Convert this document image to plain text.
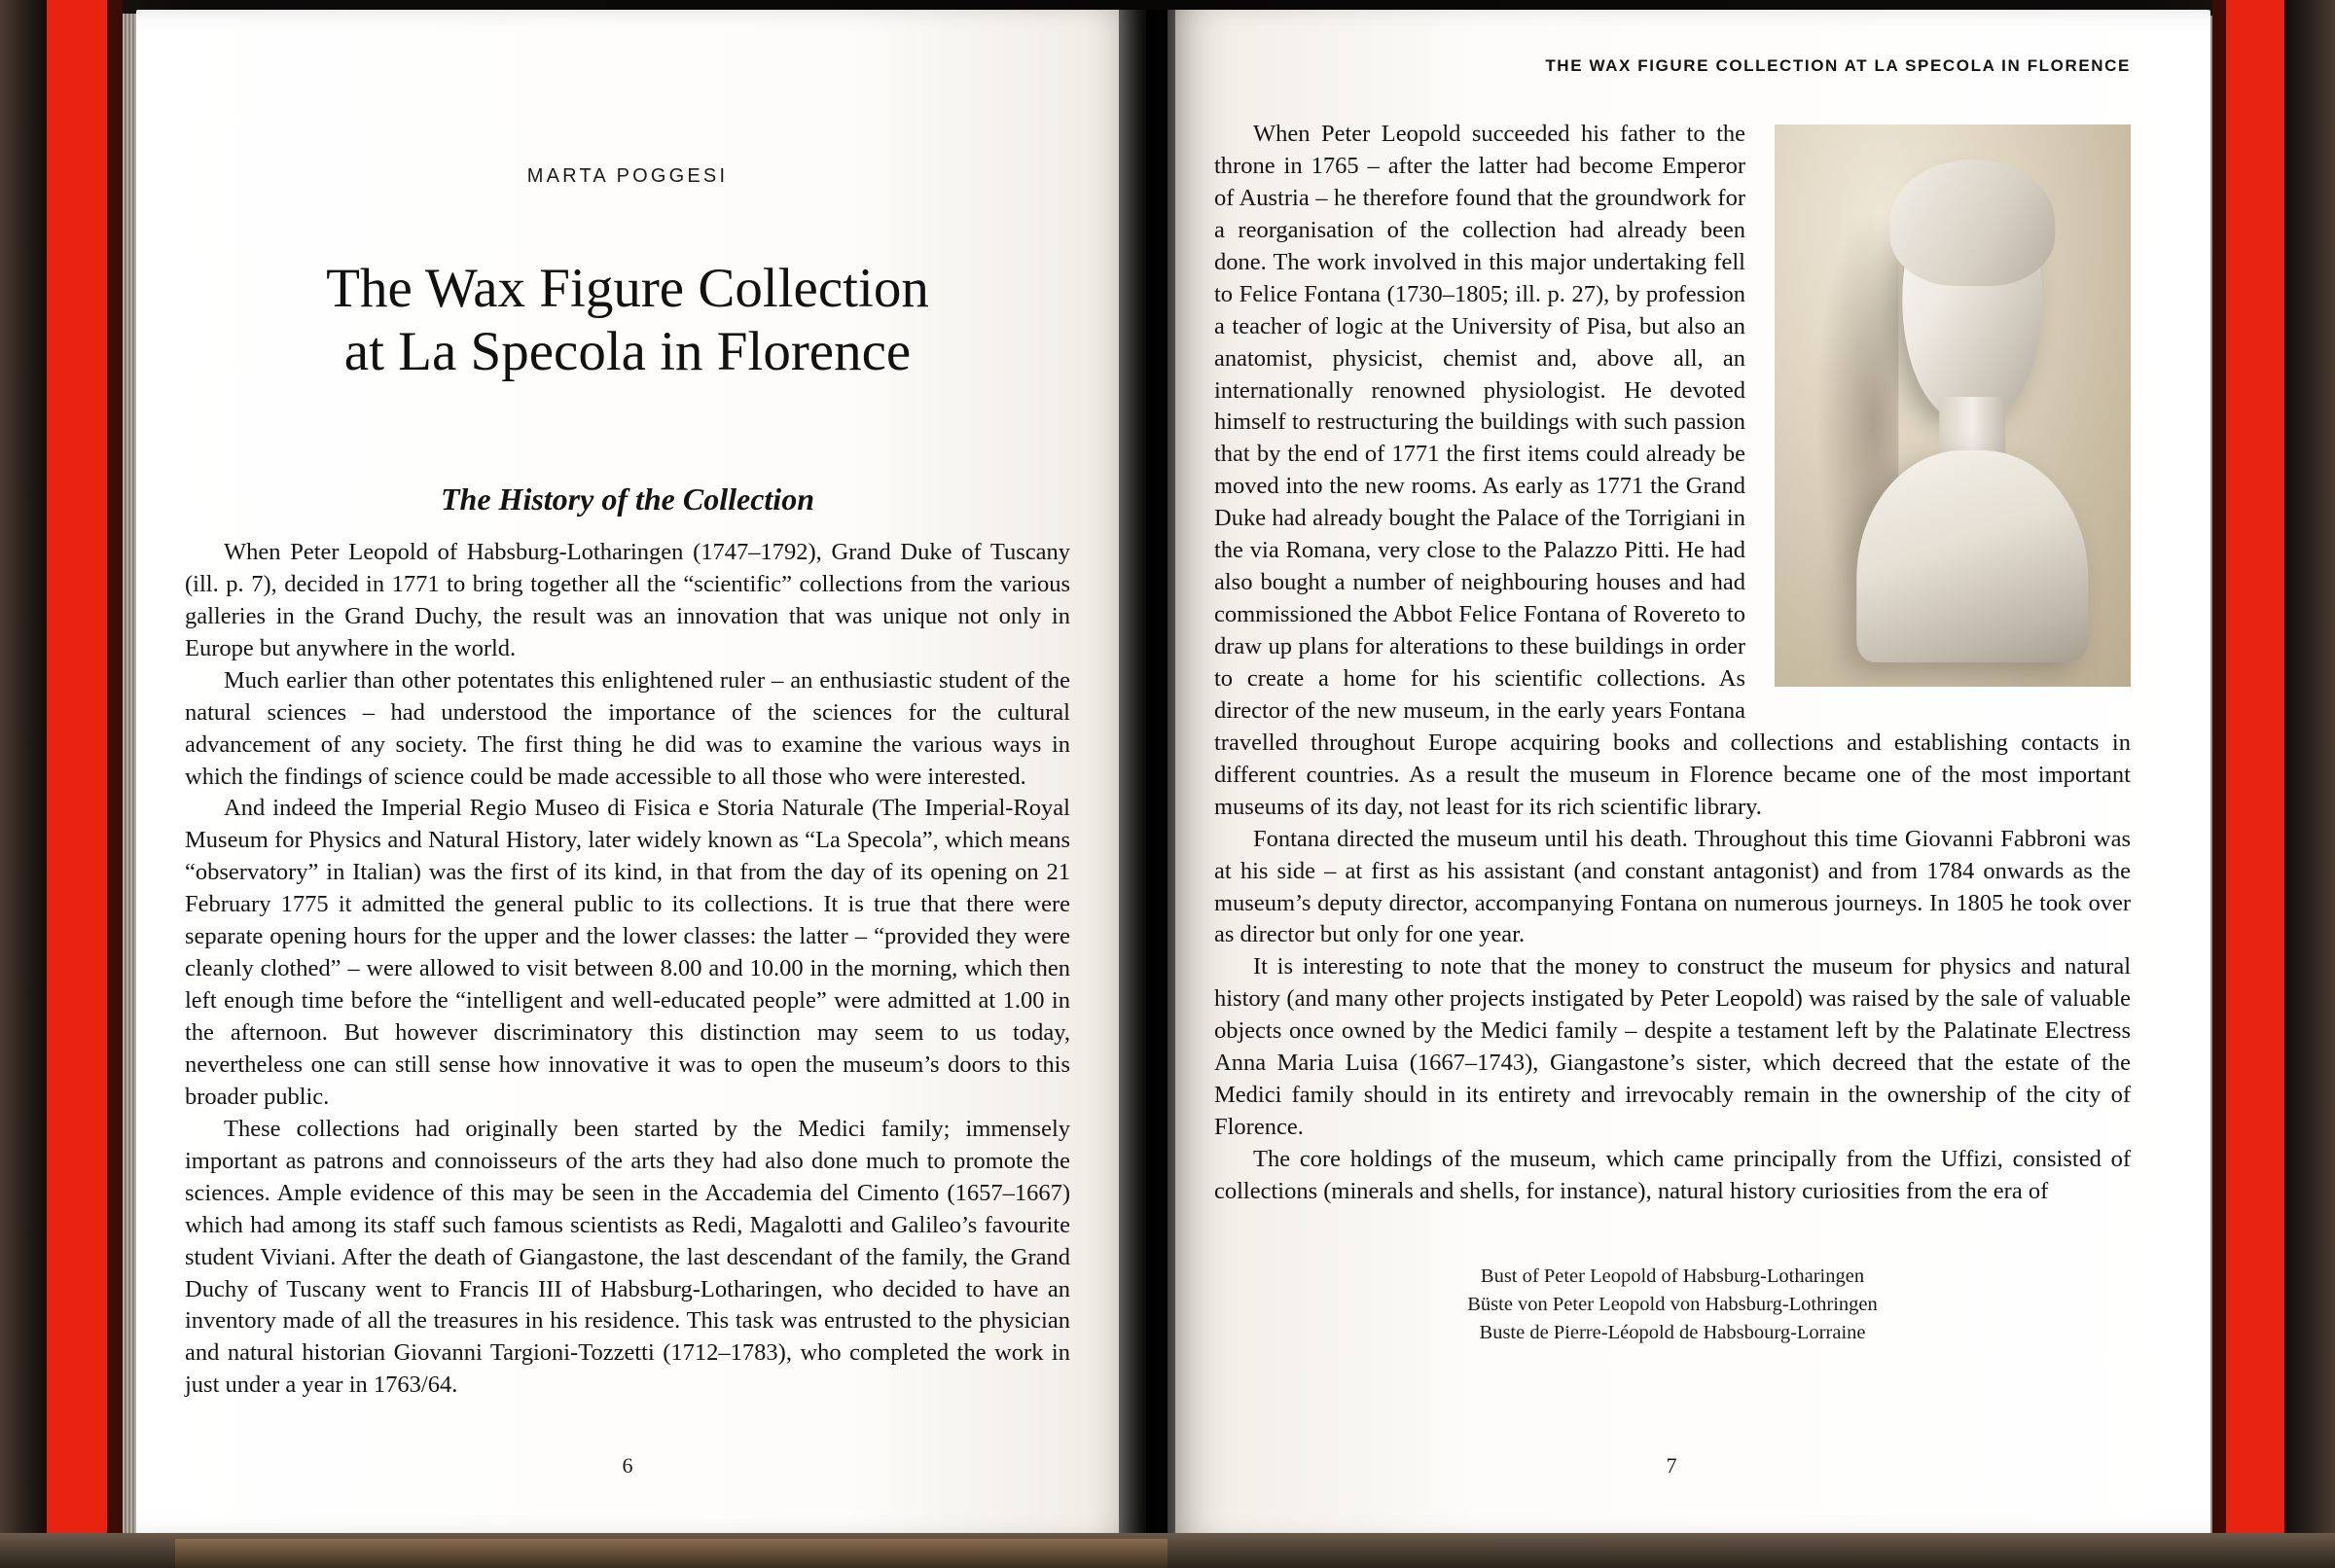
MARTA POGGESI
The Wax Figure Collection
at La Specola in Florence
The History of the Collection

When Peter Leopold of Habsburg-Lotharingen (1747–1792), Grand Duke of Tuscany (ill. p. 7), decided in 1771 to bring together all the “scientific” collections from the various galleries in the Grand Duchy, the result was an innovation that was unique not only in Europe but anywhere in the world.

Much earlier than other potentates this enlightened ruler – an enthusiastic student of the natural sciences – had understood the importance of the sciences for the cultural advancement of any society. The first thing he did was to examine the various ways in which the findings of science could be made accessible to all those who were interested.

And indeed the Imperial Regio Museo di Fisica e Storia Naturale (The Imperial-Royal Museum for Physics and Natural History, later widely known as “La Specola”, which means “observatory” in Italian) was the first of its kind, in that from the day of its opening on 21 February 1775 it admitted the general public to its collections. It is true that there were separate opening hours for the upper and the lower classes: the latter – “provided they were cleanly clothed” – were allowed to visit between 8.00 and 10.00 in the morning, which then left enough time before the “intelligent and well-educated people” were admitted at 1.00 in the afternoon. But however discriminatory this distinction may seem to us today, nevertheless one can still sense how innovative it was to open the museum’s doors to this broader public.

These collections had originally been started by the Medici family; immensely important as patrons and connoisseurs of the arts they had also done much to promote the sciences. Ample evidence of this may be seen in the Accademia del Cimento (1657–1667) which had among its staff such famous scientists as Redi, Magalotti and Galileo’s favourite student Viviani. After the death of Giangastone, the last descendant of the family, the Grand Duchy of Tuscany went to Francis III of Habsburg-Lotharingen, who decided to have an inventory made of all the treasures in his residence. This task was entrusted to the physician and natural historian Giovanni Targioni-Tozzetti (1712–1783), who completed the work in just under a year in 1763/64.

6
THE WAX FIGURE COLLECTION AT LA SPECOLA IN FLORENCE

When Peter Leopold succeeded his father to the throne in 1765 – after the latter had become Emperor of Austria – he therefore found that the groundwork for a reorganisation of the collection had already been done. The work involved in this major undertaking fell to Felice Fontana (1730–1805; ill. p. 27), by profession a teacher of logic at the University of Pisa, but also an anatomist, physicist, chemist and, above all, an internationally renowned physiologist. He devoted himself to restructuring the buildings with such passion that by the end of 1771 the first items could already be moved into the new rooms. As early as 1771 the Grand Duke had already bought the Palace of the Torrigiani in the via Romana, very close to the Palazzo Pitti. He had also bought a number of neighbouring houses and had commissioned the Abbot Felice Fontana of Rovereto to draw up plans for alterations to these buildings in order to create a home for his scientific collections. As director of the new museum, in the early years Fontana travelled throughout Europe acquiring books and collections and establishing contacts in different countries. As a result the museum in Florence became one of the most important museums of its day, not least for its rich scientific library.

Fontana directed the museum until his death. Throughout this time Giovanni Fabbroni was at his side – at first as his assistant (and constant antagonist) and from 1784 onwards as the museum’s deputy director, accompanying Fontana on numerous journeys. In 1805 he took over as director but only for one year.

It is interesting to note that the money to construct the museum for physics and natural history (and many other projects instigated by Peter Leopold) was raised by the sale of valuable objects once owned by the Medici family – despite a testament left by the Palatinate Electress Anna Maria Luisa (1667–1743), Giangastone’s sister, which decreed that the estate of the Medici family should in its entirety and irrevocably remain in the ownership of the city of Florence.

The core holdings of the museum, which came principally from the Uffizi, consisted of collections (minerals and shells, for instance), natural history curiosities from the era of

Bust of Peter Leopold of Habsburg-Lotharingen
Büste von Peter Leopold von Habsburg-Lothringen
Buste de Pierre-Léopold de Habsbourg-Lorraine
7
